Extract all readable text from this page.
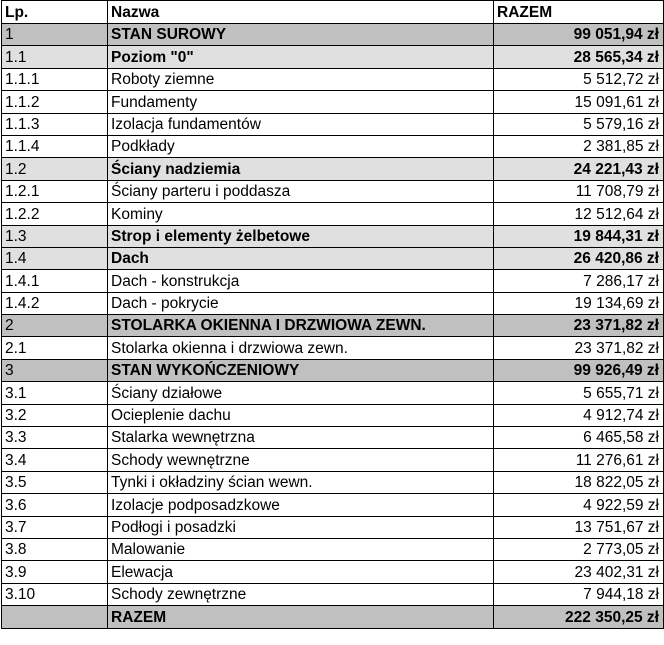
Lp.	Nazwa	RAZEM
1	STAN SUROWY	99 051,94 zł
1.1	Poziom "0"	28 565,34 zł
1.1.1	Roboty ziemne	5 512,72 zł
1.1.2	Fundamenty	15 091,61 zł
1.1.3	Izolacja fundamentów	5 579,16 zł
1.1.4	Podkłady	2 381,85 zł
1.2	Ściany nadziemia	24 221,43 zł
1.2.1	Ściany parteru i poddasza	11 708,79 zł
1.2.2	Kominy	12 512,64 zł
1.3	Strop i elementy żelbetowe	19 844,31 zł
1.4	Dach	26 420,86 zł
1.4.1	Dach - konstrukcja	7 286,17 zł
1.4.2	Dach - pokrycie	19 134,69 zł
2	STOLARKA OKIENNA I DRZWIOWA ZEWN.	23 371,82 zł
2.1	Stolarka okienna i drzwiowa zewn.	23 371,82 zł
3	STAN WYKOŃCZENIOWY	99 926,49 zł
3.1	Ściany działowe	5 655,71 zł
3.2	Ocieplenie dachu	4 912,74 zł
3.3	Stalarka wewnętrzna	6 465,58 zł
3.4	Schody wewnętrzne	11 276,61 zł
3.5	Tynki i okładziny ścian wewn.	18 822,05 zł
3.6	Izolacje podposadzkowe	4 922,59 zł
3.7	Podłogi i posadzki	13 751,67 zł
3.8	Malowanie	2 773,05 zł
3.9	Elewacja	23 402,31 zł
3.10	Schody zewnętrzne	7 944,18 zł
	RAZEM	222 350,25 zł
